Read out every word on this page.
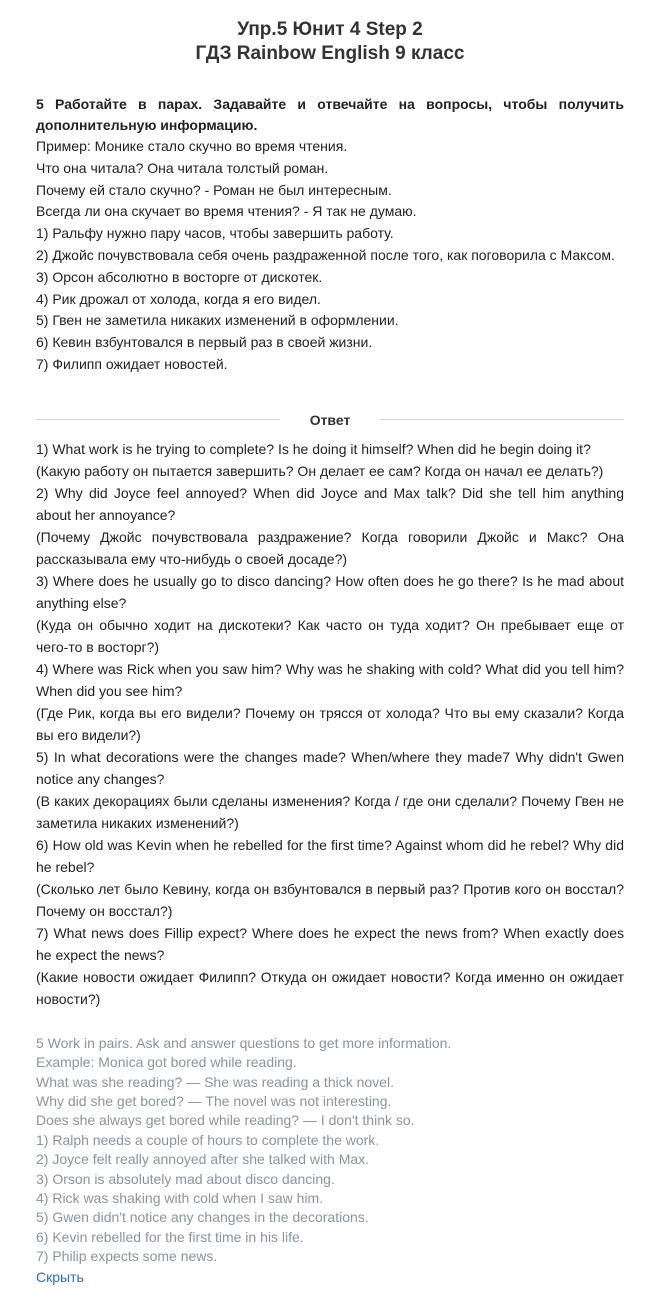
Упр.5 Юнит 4 Step 2
ГДЗ Rainbow English 9 класс

5 Работайте в парах. Задавайте и отвечайте на вопросы, чтобы получить дополнительную информацию.

Пример: Монике стало скучно во время чтения.

Что она читала? Она читала толстый роман.

Почему ей стало скучно? - Роман не был интересным.

Всегда ли она скучает во время чтения? - Я так не думаю.

1) Ральфу нужно пару часов, чтобы завершить работу.

2) Джойс почувствовала себя очень раздраженной после того, как поговорила с Максом.

3) Орсон абсолютно в восторге от дискотек.

4) Рик дрожал от холода, когда я его видел.

5) Гвен не заметила никаких изменений в оформлении.

6) Кевин взбунтовался в первый раз в своей жизни.

7) Филипп ожидает новостей.

Ответ

1) What work is he trying to complete? Is he doing it himself? When did he begin doing it?

(Какую работу он пытается завершить? Он делает ее сам? Когда он начал ее делать?)

2) Why did Joyce feel annoyed? When did Joyce and Max talk? Did she tell him anything about her annoyance?

(Почему Джойс почувствовала раздражение? Когда говорили Джойс и Макс? Она рассказывала ему что-нибудь о своей досаде?)

3) Where does he usually go to disco dancing? How often does he go there? Is he mad about anything else?

(Куда он обычно ходит на дискотеки? Как часто он туда ходит? Он пребывает еще от чего-то в восторг?)

4) Where was Rick when you saw him? Why was he shaking with cold? What did you tell him? When did you see him?

(Где Рик, когда вы его видели? Почему он трясся от холода? Что вы ему сказали? Когда вы его видели?)

5) In what decorations were the changes made? When/where they made7 Why didn't Gwen notice any changes?

(В каких декорациях были сделаны изменения? Когда / где они сделали? Почему Гвен не заметила никаких изменений?)

6) How old was Kevin when he rebelled for the first time? Against whom did he rebel? Why did he rebel?

(Сколько лет было Кевину, когда он взбунтовался в первый раз? Против кого он восстал? Почему он восстал?)

7) What news does Fillip expect? Where does he expect the news from? When exactly does he expect the news?

(Какие новости ожидает Филипп? Откуда он ожидает новости? Когда именно он ожидает новости?)

5 Work in pairs. Ask and answer questions to get more information.

Example: Monica got bored while reading.

What was she reading? — She was reading a thick novel.

Why did she get bored? — The novel was not interesting.

Does she always get bored while reading? — I don't think so.

1) Ralph needs a couple of hours to complete the work.

2) Joyce felt really annoyed after she talked with Max.

3) Orson is absolutely mad about disco dancing.

4) Rick was shaking with cold when I saw him.

5) Gwen didn't notice any changes in the decorations.

6) Kevin rebelled for the first time in his life.

7) Philip expects some news.

Скрыть
